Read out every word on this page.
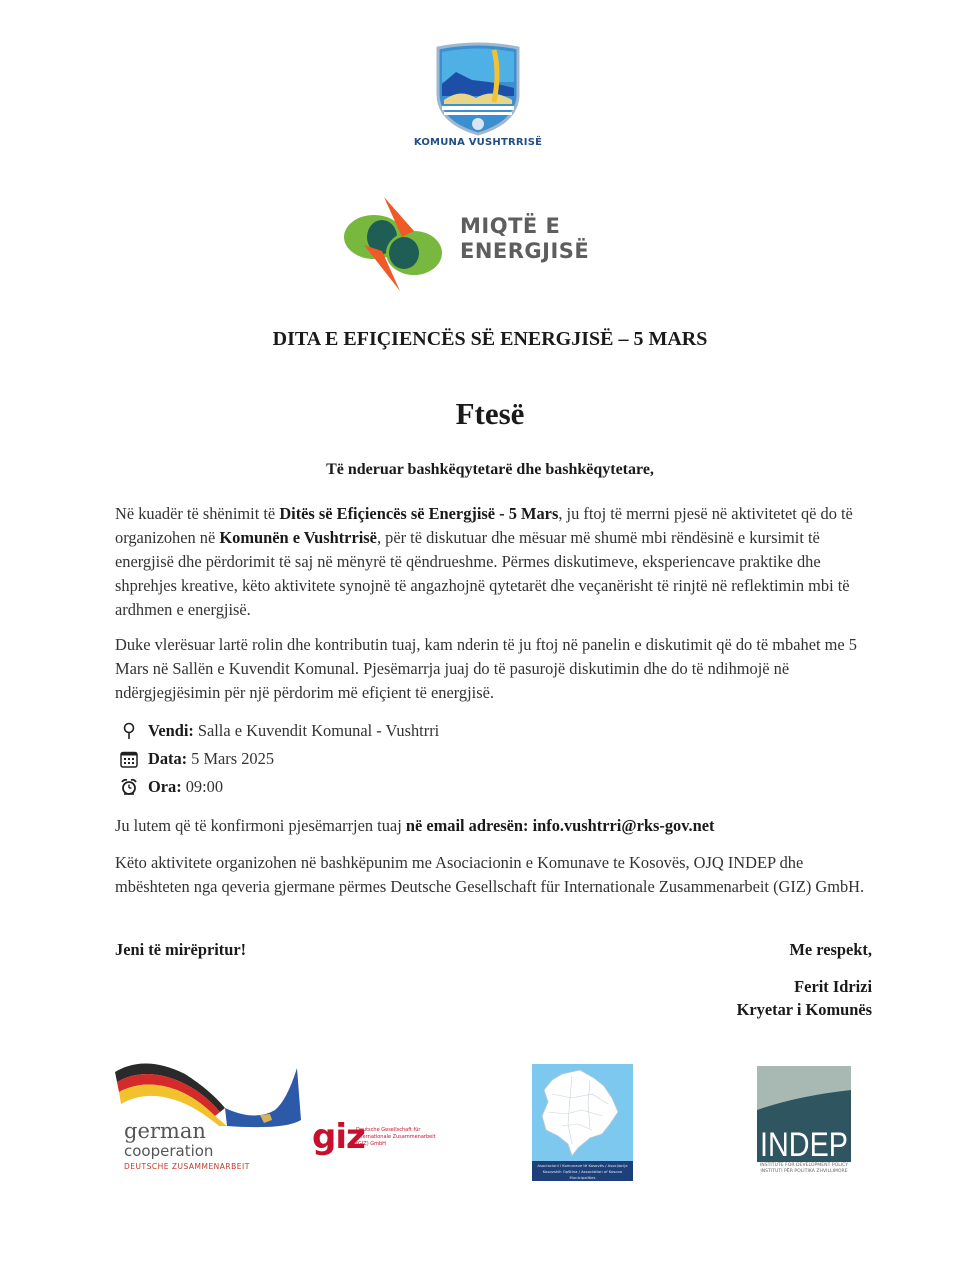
KOMUNA VUSHTRRISË
MIQTË E
ENERGJISË
DITA E EFIÇIENCËS SË ENERGJISË – 5 MARS
Ftesë
Të nderuar bashkëqytetarë dhe bashkëqytetare,
Në kuadër të shënimit të Ditës së Efiçiencës së Energjisë - 5 Mars, ju ftoj të merrni pjesë në aktivitetet që do të organizohen në Komunën e Vushtrrisë, për të diskutuar dhe mësuar më shumë mbi rëndësinë e kursimit të energjisë dhe përdorimit të saj në mënyrë të qëndrueshme. Përmes diskutimeve, eksperiencave praktike dhe shprehjes kreative, këto aktivitete synojnë të angazhojnë qytetarët dhe veçanërisht të rinjtë në reflektimin mbi të ardhmen e energjisë.
Duke vlerësuar lartë rolin dhe kontributin tuaj, kam nderin të ju ftoj në panelin e diskutimit që do të mbahet me 5 Mars në Sallën e Kuvendit Komunal. Pjesëmarrja juaj do të pasurojë diskutimin dhe do të ndihmojë në ndërgjegjësimin për një përdorim më efiçient të energjisë.
Vendi: Salla e Kuvendit Komunal - Vushtrri
Data: 5 Mars 2025
Ora: 09:00
Ju lutem që të konfirmoni pjesëmarrjen tuaj në email adresën: info.vushtrri@rks-gov.net
Këto aktivitete organizohen në bashkëpunim me Asociacionin e Komunave te Kosovës, OJQ INDEP dhe mbështeten nga qeveria gjermane përmes Deutsche Gesellschaft für Internationale Zusammenarbeit (GIZ) GmbH.
Jeni të mirëpritur!	Me respekt,
Ferit Idrizi
Kryetar i Komunës
german
cooperation
DEUTSCHE ZUSAMMENARBEIT
giz
Deutsche Gesellschaft für Internationale Zusammenarbeit (GIZ) GmbH
Asociacioni i Komunave të Kosovës / Asocijacija Kosovskih Opština / Association of Kosovo Municipalities
INDEP
INSTITUTE FOR DEVELOPMENT POLICY
INSTITUTI PËR POLITIKA ZHVILLIMORE
